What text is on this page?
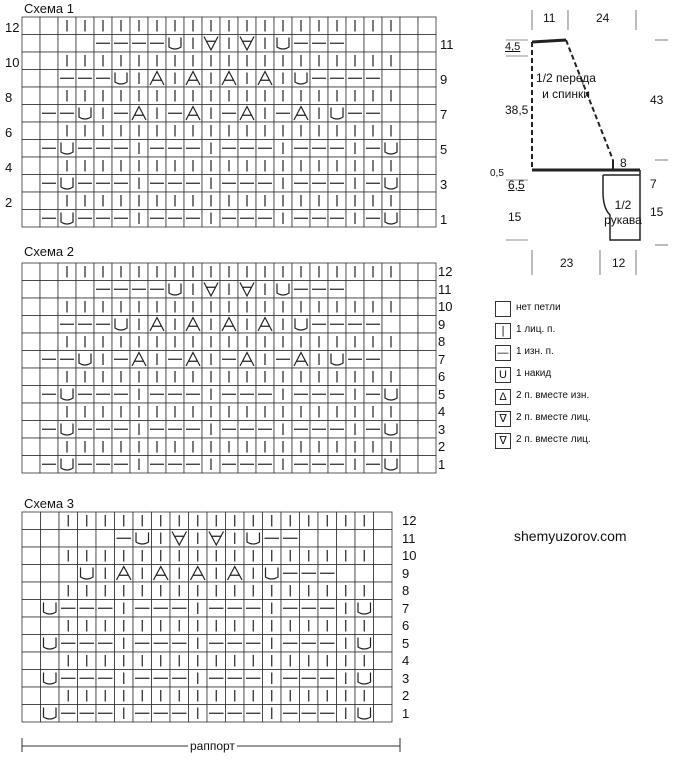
Схема 1
12
10
8
6
4
2
11
9
7
5
3
1
Схема 2
12
11
10
9
8
7
6
5
4
3
2
1
Схема 3
12
11
10
9
8
7
6
5
4
3
2
1
раппорт
нет петли
|	1 лиц. п.
— 1 изн. п.
U 1 накид
Δ 2 п. вместе изн.
∇ 2 п. вместе лиц.
∇ 2 п. вместе лиц.
11	24
4,5
38,5
43
1/2 переда и спинки
8
0,5
6,5	7
15	15
1/2 рукава
23	12
shemyuzorov.com
